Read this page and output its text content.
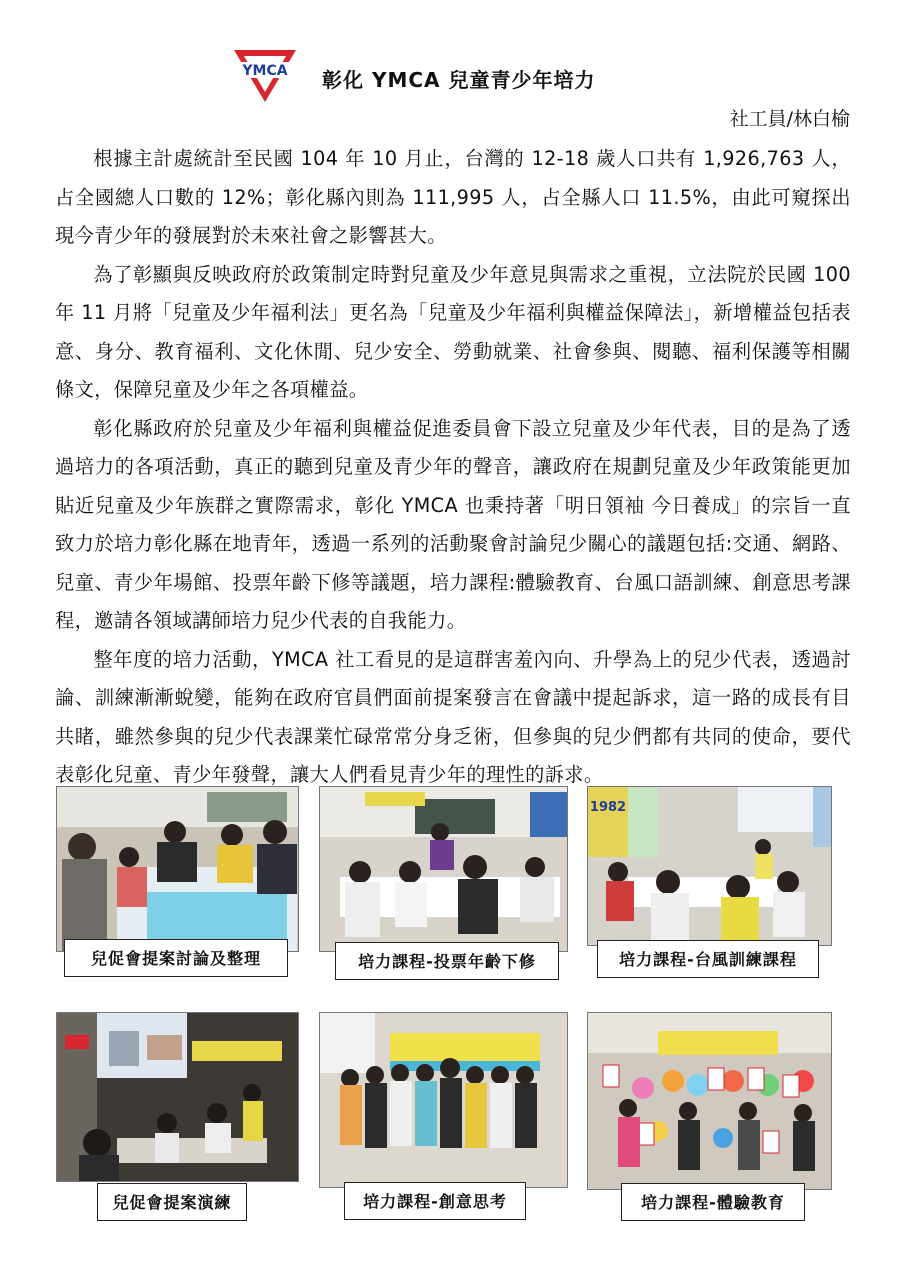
YMCA 彰化 YMCA 兒童青少年培力
社工員/林白榆

根據主計處統計至民國 104 年 10 月止，台灣的 12-18 歲人口共有 1,926,763 人，占全國總人口數的 12%；彰化縣內則為 111,995 人，占全縣人口 11.5%，由此可窺探出現今青少年的發展對於未來社會之影響甚大。

為了彰顯與反映政府於政策制定時對兒童及少年意見與需求之重視，立法院於民國 100 年 11 月將「兒童及少年福利法」更名為「兒童及少年福利與權益保障法」，新增權益包括表意、身分、教育福利、文化休閒、兒少安全、勞動就業、社會參與、閱聽、福利保護等相關條文，保障兒童及少年之各項權益。

彰化縣政府於兒童及少年福利與權益促進委員會下設立兒童及少年代表，目的是為了透過培力的各項活動，真正的聽到兒童及青少年的聲音，讓政府在規劃兒童及少年政策能更加貼近兒童及少年族群之實際需求，彰化 YMCA 也秉持著「明日領袖 今日養成」的宗旨一直致力於培力彰化縣在地青年，透過一系列的活動聚會討論兒少關心的議題包括:交通、網路、兒童、青少年場館、投票年齡下修等議題，培力課程:體驗教育、台風口語訓練、創意思考課程，邀請各領域講師培力兒少代表的自我能力。

整年度的培力活動，YMCA 社工看見的是這群害羞內向、升學為上的兒少代表，透過討論、訓練漸漸蛻變，能夠在政府官員們面前提案發言在會議中提起訴求，這一路的成長有目共睹，雖然參與的兒少代表課業忙碌常常分身乏術，但參與的兒少們都有共同的使命，要代表彰化兒童、青少年發聲，讓大人們看見青少年的理性的訴求。

兒促會提案討論及整理	培力課程-投票年齡下修
1982
培力課程-台風訓練課程
兒促會提案演練	培力課程-創意思考	培力課程-體驗教育
